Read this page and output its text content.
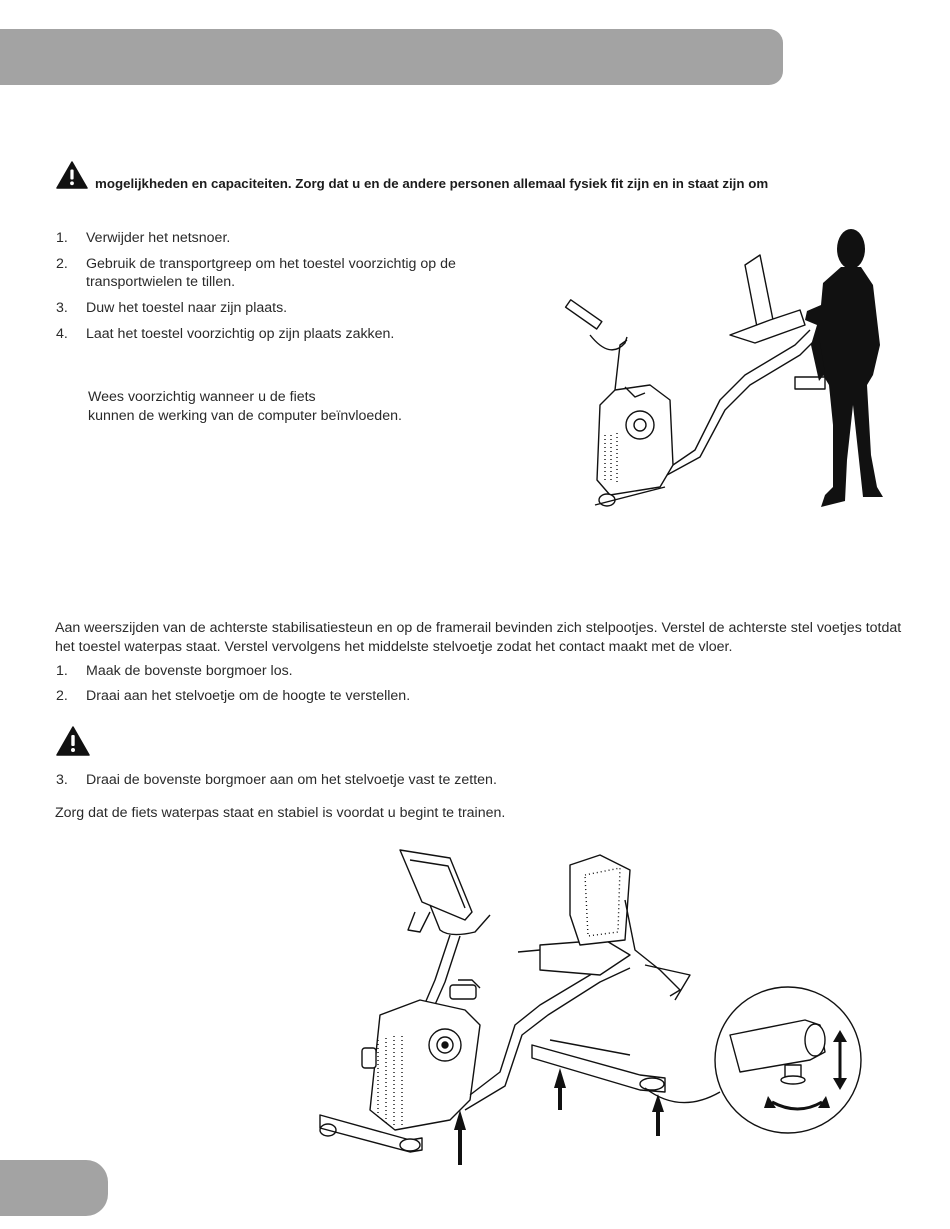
mogelijkheden en capaciteiten. Zorg dat u en de andere personen allemaal fysiek fit zijn en in staat zijn om
1.	Verwijder het netsnoer.
2.	Gebruik de transportgreep om het toestel voorzichtig op de
transportwielen te tillen.
3.	Duw het toestel naar zijn plaats.
4.	Laat het toestel voorzichtig op zijn plaats zakken.
Wees voorzichtig wanneer u de fiets
kunnen de werking van de computer beïnvloeden.
Aan weerszijden van de achterste stabilisatiesteun en op de framerail bevinden zich stelpootjes. Verstel de achterste stel voetjes totdat het toestel waterpas staat. Verstel vervolgens het middelste stelvoetje zodat het contact maakt met de vloer.
1.	Maak de bovenste borgmoer los.
2.	Draai aan het stelvoetje om de hoogte te verstellen.
3.	Draai de bovenste borgmoer aan om het stelvoetje vast te zetten.
Zorg dat de fiets waterpas staat en stabiel is voordat u begint te trainen.
